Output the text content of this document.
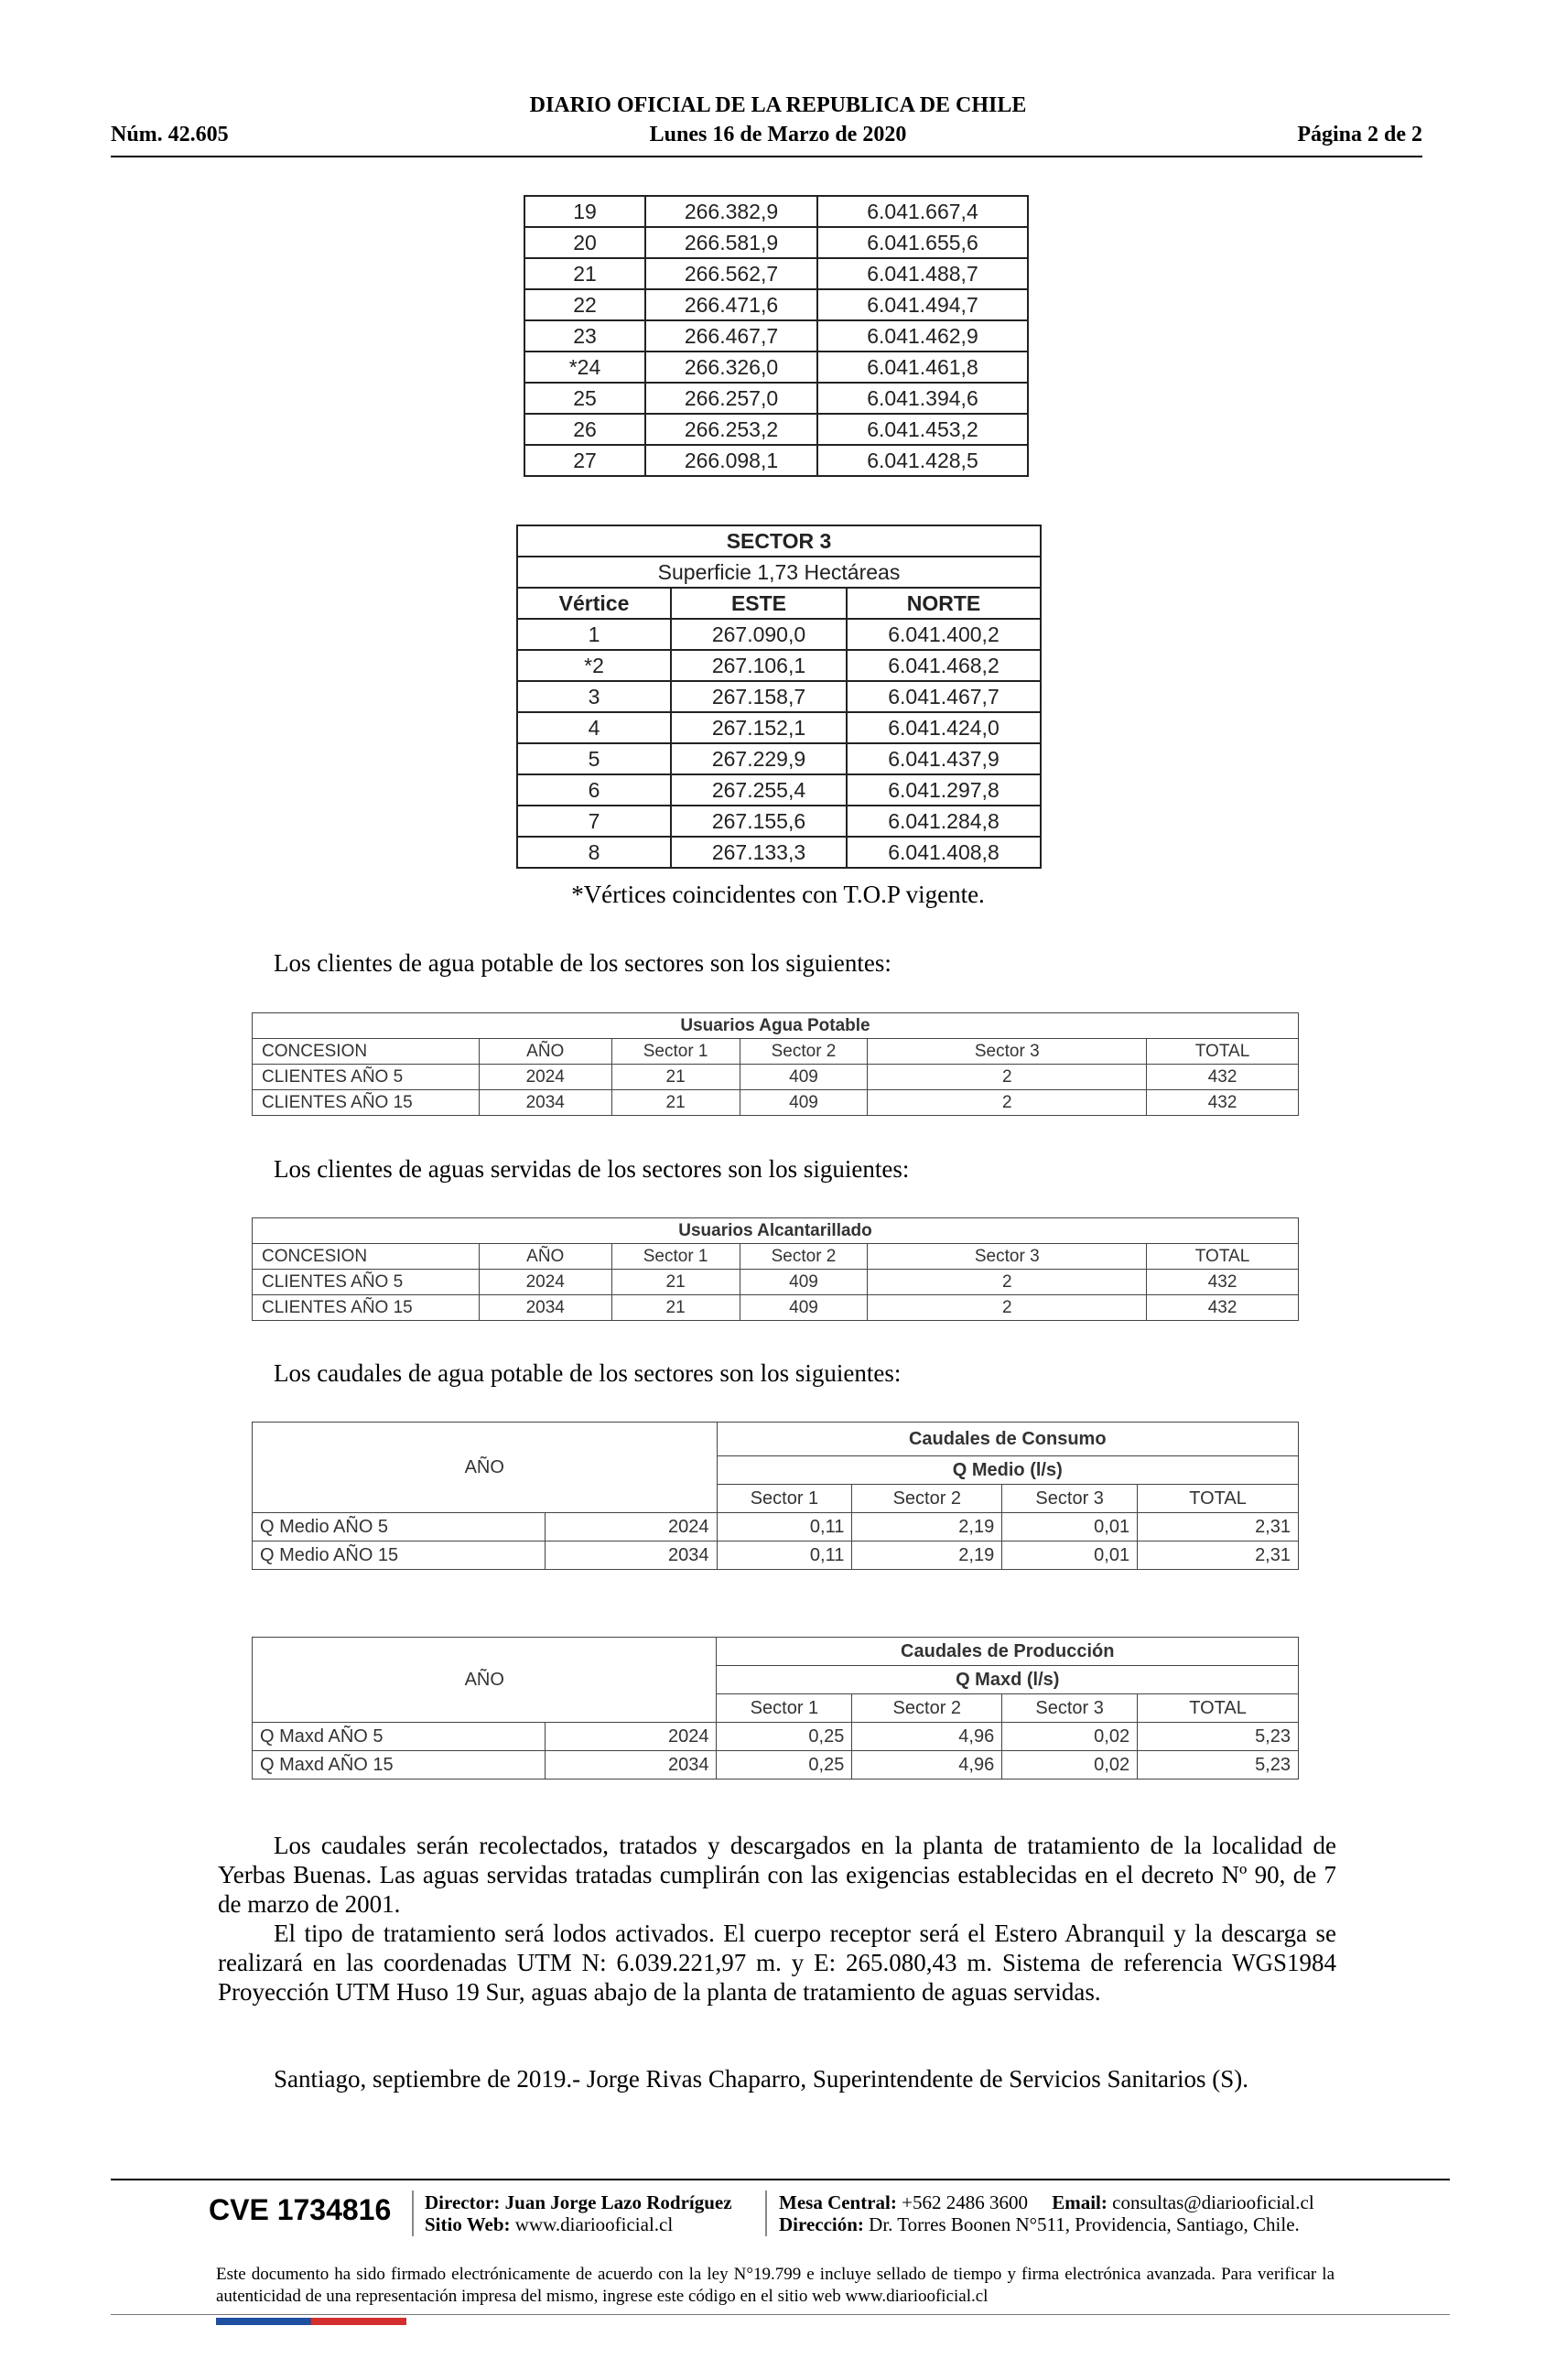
DIARIO OFICIAL DE LA REPUBLICA DE CHILE
Núm. 42.605	Lunes 16 de Marzo de 2020	Página 2 de 2
19	266.382,9	6.041.667,4
20	266.581,9	6.041.655,6
21	266.562,7	6.041.488,7
22	266.471,6	6.041.494,7
23	266.467,7	6.041.462,9
*24	266.326,0	6.041.461,8
25	266.257,0	6.041.394,6
26	266.253,2	6.041.453,2
27	266.098,1	6.041.428,5
SECTOR 3		
Superficie 1,73 Hectáreas		
Vértice	ESTE	NORTE
1	267.090,0	6.041.400,2
*2	267.106,1	6.041.468,2
3	267.158,7	6.041.467,7
4	267.152,1	6.041.424,0
5	267.229,9	6.041.437,9
6	267.255,4	6.041.297,8
7	267.155,6	6.041.284,8
8	267.133,3	6.041.408,8
*Vértices coincidentes con T.O.P vigente.
Los clientes de agua potable de los sectores son los siguientes:
Usuarios Agua Potable					
CONCESION	AÑO	Sector 1	Sector 2	Sector 3	TOTAL
CLIENTES AÑO 5	2024	21	409	2	432
CLIENTES AÑO 15	2034	21	409	2	432
Los clientes de aguas servidas de los sectores son los siguientes:
Usuarios Alcantarillado					
CONCESION	AÑO	Sector 1	Sector 2	Sector 3	TOTAL
CLIENTES AÑO 5	2024	21	409	2	432
CLIENTES AÑO 15	2034	21	409	2	432
Los caudales de agua potable de los sectores son los siguientes:
AÑO		Caudales de Consumo			
		Q Medio (l/s)			
		Sector 1	Sector 2	Sector 3	TOTAL
Q Medio AÑO 5	2024	0,11	2,19	0,01	2,31
Q Medio AÑO 15	2034	0,11	2,19	0,01	2,31
AÑO		Caudales de Producción			
		Q Maxd (l/s)			
		Sector 1	Sector 2	Sector 3	TOTAL
Q Maxd AÑO 5	2024	0,25	4,96	0,02	5,23
Q Maxd AÑO 15	2034	0,25	4,96	0,02	5,23
Los caudales serán recolectados, tratados y descargados en la planta de tratamiento de la localidad de Yerbas Buenas. Las aguas servidas tratadas cumplirán con las exigencias establecidas en el decreto Nº 90, de 7 de marzo de 2001.
El tipo de tratamiento será lodos activados. El cuerpo receptor será el Estero Abranquil y la descarga se realizará en las coordenadas UTM N: 6.039.221,97 m. y E: 265.080,43 m. Sistema de referencia WGS1984 Proyección UTM Huso 19 Sur, aguas abajo de la planta de tratamiento de aguas servidas.
Santiago, septiembre de 2019.- Jorge Rivas Chaparro, Superintendente de Servicios Sanitarios (S).
CVE 1734816 Director: Juan Jorge Lazo Rodríguez
Sitio Web: www.diariooficial.cl
Mesa Central: +562 2486 3600 Email: consultas@diariooficial.cl
Dirección: Dr. Torres Boonen N°511, Providencia, Santiago, Chile.
Este documento ha sido firmado electrónicamente de acuerdo con la ley N°19.799 e incluye sellado de tiempo y firma electrónica avanzada. Para verificar la autenticidad de una representación impresa del mismo, ingrese este código en el sitio web www.diariooficial.cl
